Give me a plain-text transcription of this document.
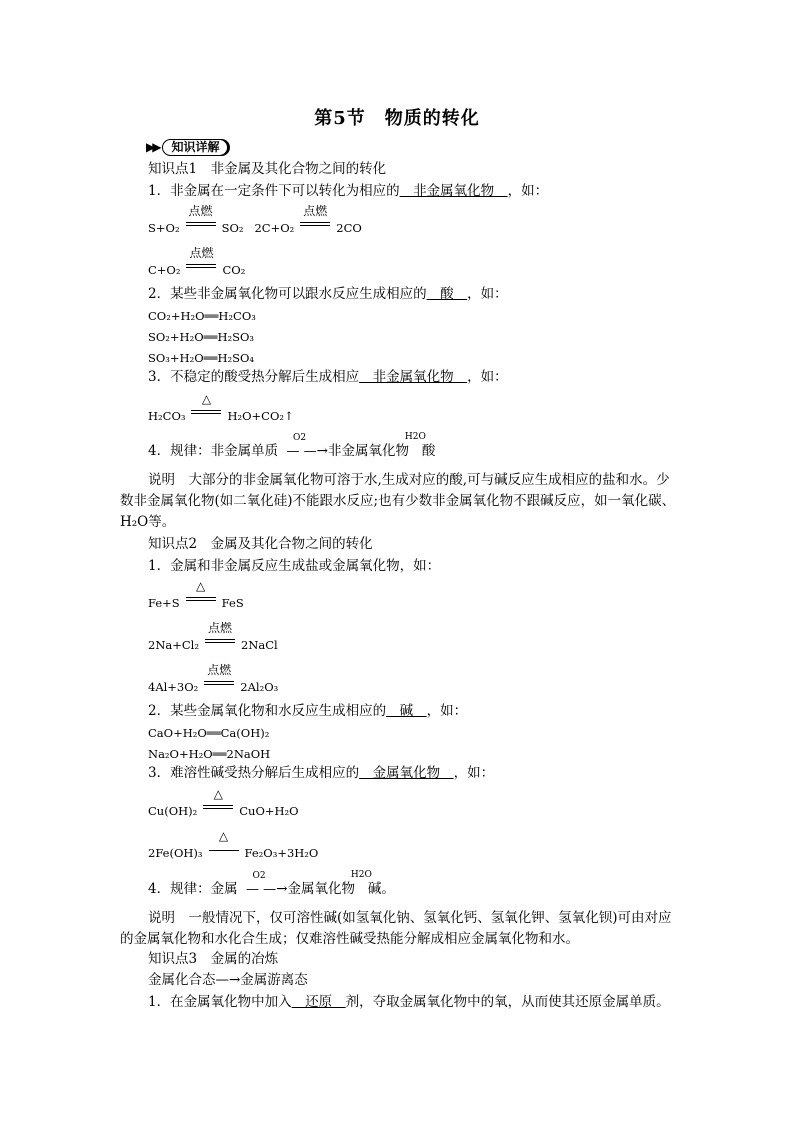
第5节　物质的转化
▶▶	知识详解
知识点1　非金属及其化合物之间的转化
1．非金属在一定条件下可以转化为相应的　非金属氧化物　，如：
S+O₂
点燃
SO₂ 2C+O₂
点燃
2CO
C+O₂
点燃
CO₂
2．某些非金属氧化物可以跟水反应生成相应的　酸　，如：
CO₂+H₂O══H₂CO₃
SO₂+H₂O══H₂SO₃
SO₃+H₂O══H₂SO₄
3．不稳定的酸受热分解后生成相应　非金属氧化物　，如：
H₂CO₃
△
H₂O+CO₂↑
4．规律：非金属单质  — —
O2
→非金属氧化物
H2O
酸
说明　大部分的非金属氧化物可溶于水,生成对应的酸,可与碱反应生成相应的盐和水。少数非金属氧化物(如二氧化硅)不能跟水反应;也有少数非金属氧化物不跟碱反应，如一氧化碳、H₂O等。
知识点2　金属及其化合物之间的转化
1．金属和非金属反应生成盐或金属氧化物，如：
Fe+S
△
FeS
2Na+Cl₂
点燃
2NaCl
4Al+3O₂
点燃
2Al₂O₃
2．某些金属氧化物和水反应生成相应的　碱　，如：
CaO+H₂O══Ca(OH)₂
Na₂O+H₂O══2NaOH
3．难溶性碱受热分解后生成相应的　金属氧化物　，如：
Cu(OH)₂
△
CuO+H₂O
2Fe(OH)₃
△
Fe₂O₃+3H₂O
4．规律：金属  — —
O2
→金属氧化物
H2O
碱。
说明　一般情况下，仅可溶性碱(如氢氧化钠、氢氧化钙、氢氧化钾、氢氧化钡)可由对应的金属氧化物和水化合生成；仅难溶性碱受热能分解成相应金属氧化物和水。
知识点3　金属的冶炼
金属化合态—→金属游离态
1．在金属氧化物中加入　还原　剂，夺取金属氧化物中的氧，从而使其还原金属单质。
